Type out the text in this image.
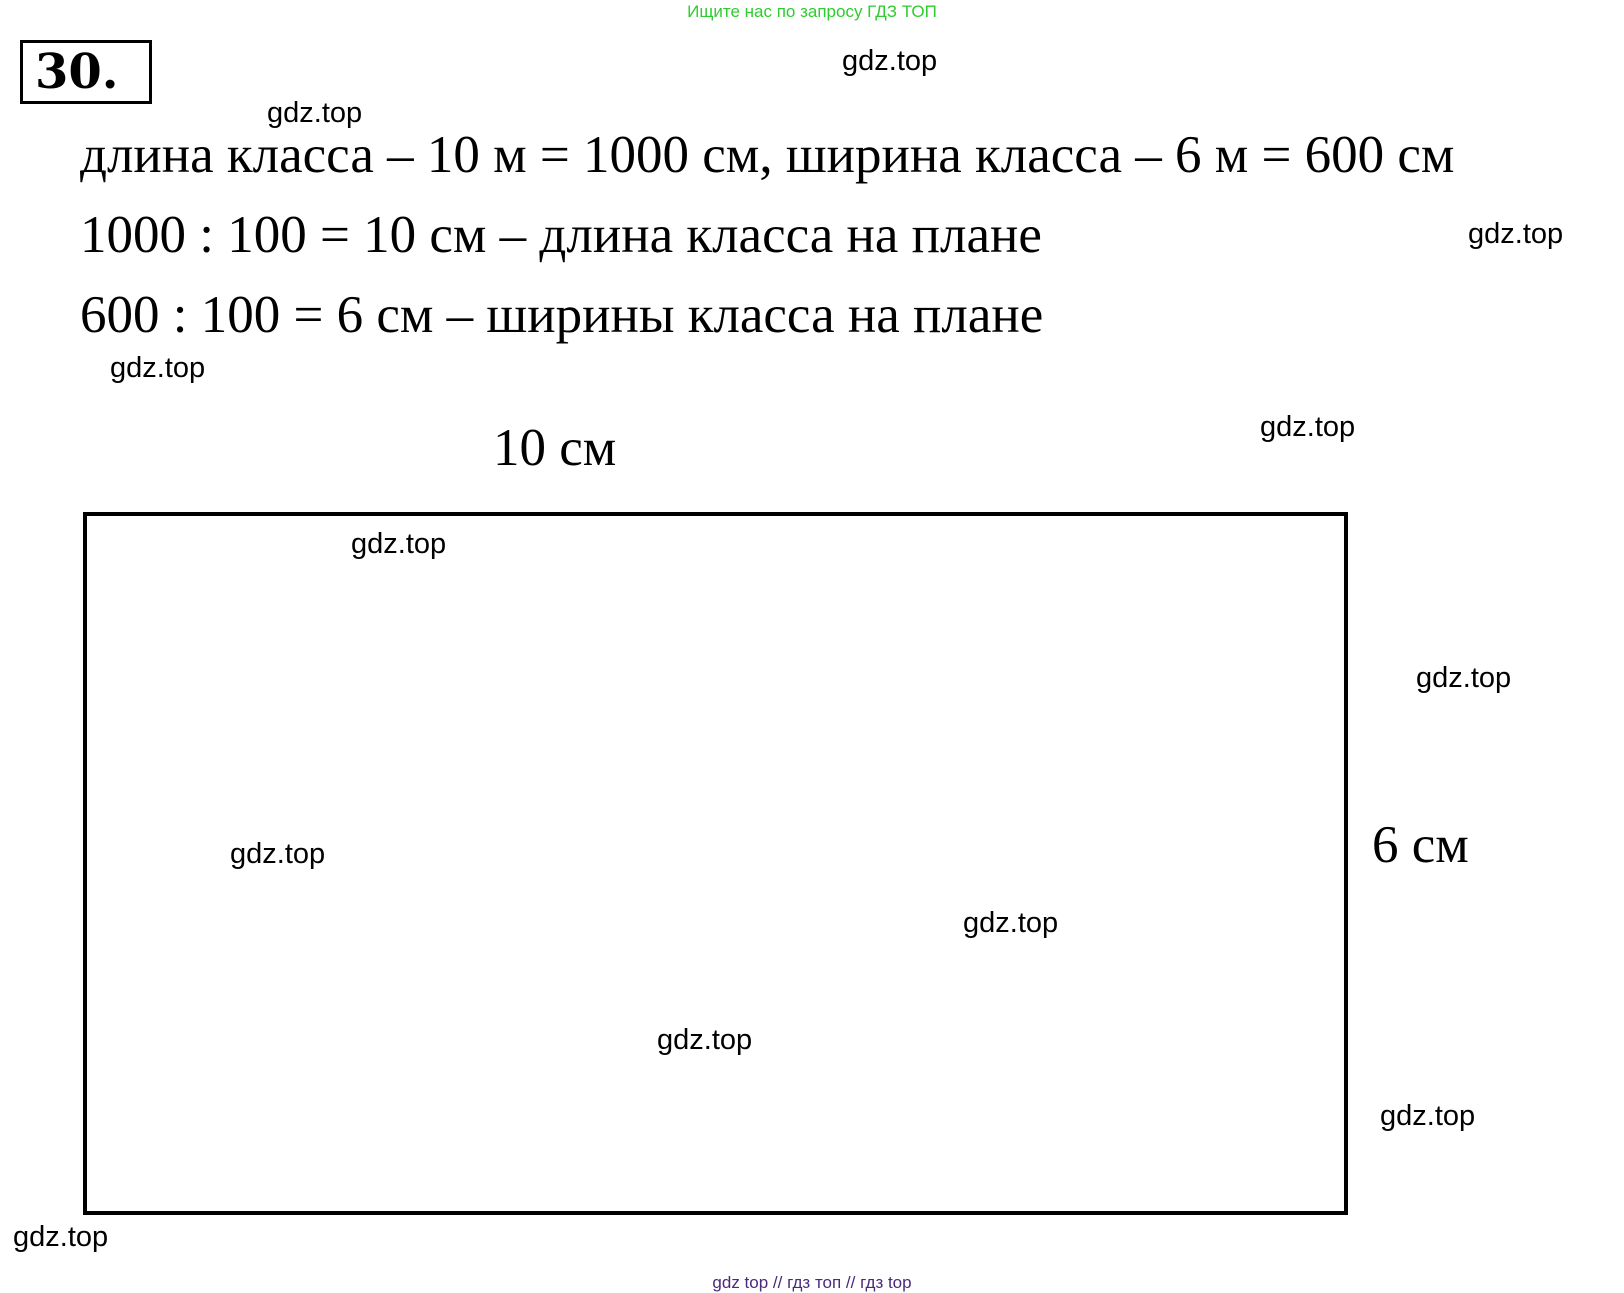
Ищите нас по запросу ГДЗ ТОП
30.
длина класса – 10 м = 1000 см, ширина класса – 6 м = 600 см
1000 : 100 = 10 см – длина класса на плане
600 : 100 = 6 см – ширины класса на плане
10 см
6 см
gdz.top
gdz.top
gdz.top
gdz.top
gdz.top
gdz.top
gdz.top
gdz.top
gdz.top
gdz.top
gdz.top
gdz.top
gdz top // гдз топ // гдз top
